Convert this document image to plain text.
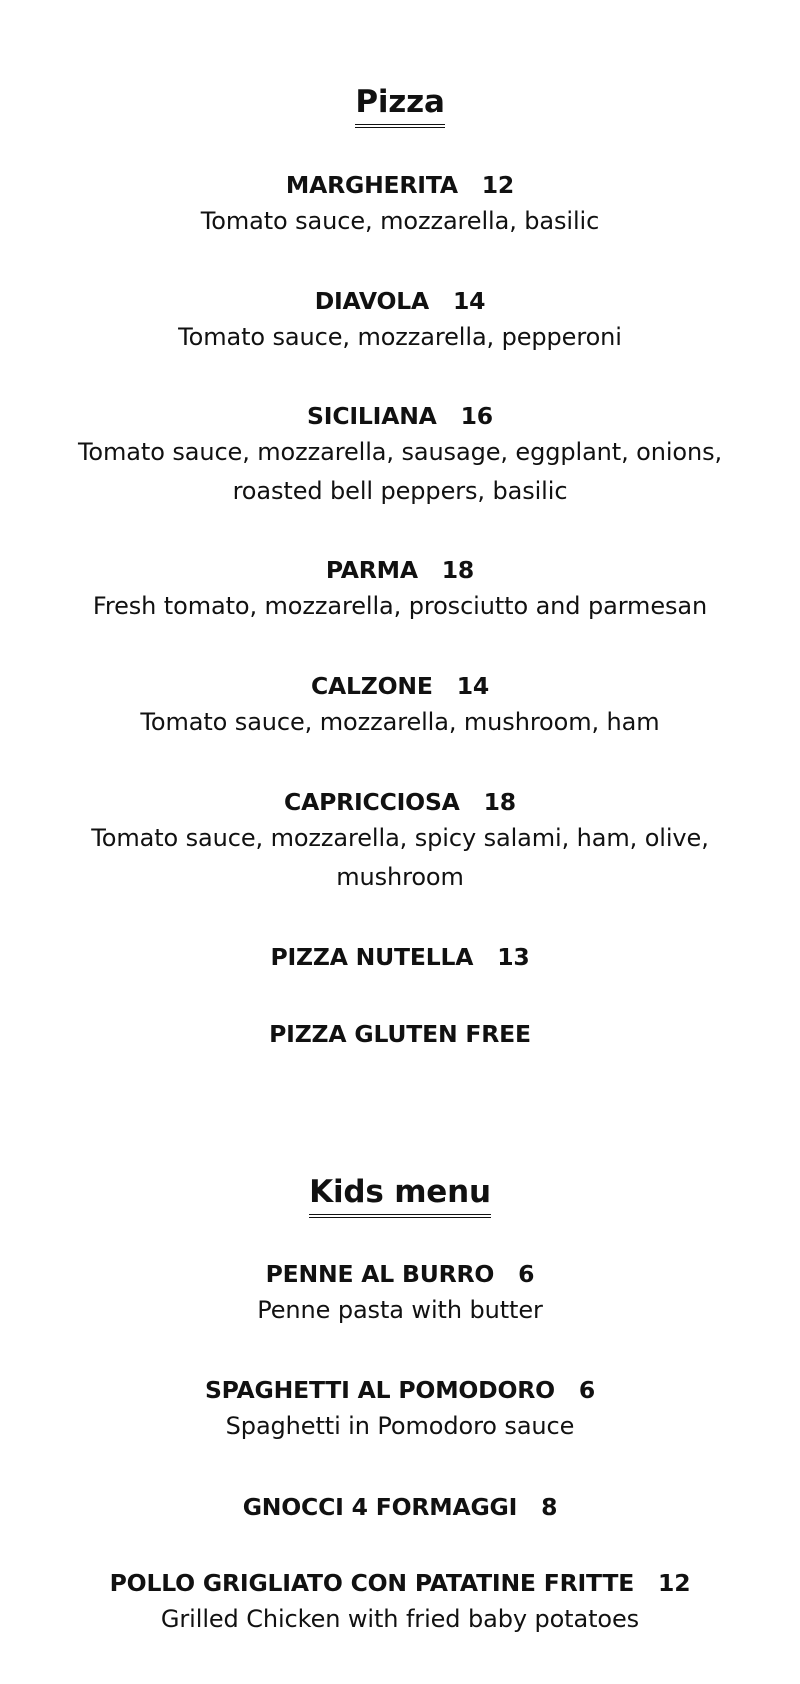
Pizza
MARGHERITA 12
Tomato sauce, mozzarella, basilic
DIAVOLA 14
Tomato sauce, mozzarella, pepperoni
SICILIANA 16
Tomato sauce, mozzarella, sausage, eggplant, onions,
roasted bell peppers, basilic
PARMA 18
Fresh tomato, mozzarella, prosciutto and parmesan
CALZONE 14
Tomato sauce, mozzarella, mushroom, ham
CAPRICCIOSA 18
Tomato sauce, mozzarella, spicy salami, ham, olive,
mushroom
PIZZA NUTELLA 13
PIZZA GLUTEN FREE
Kids menu
PENNE AL BURRO 6
Penne pasta with butter
SPAGHETTI AL POMODORO 6
Spaghetti in Pomodoro sauce
GNOCCI 4 FORMAGGI 8
POLLO GRIGLIATO CON PATATINE FRITTE 12
Grilled Chicken with fried baby potatoes
